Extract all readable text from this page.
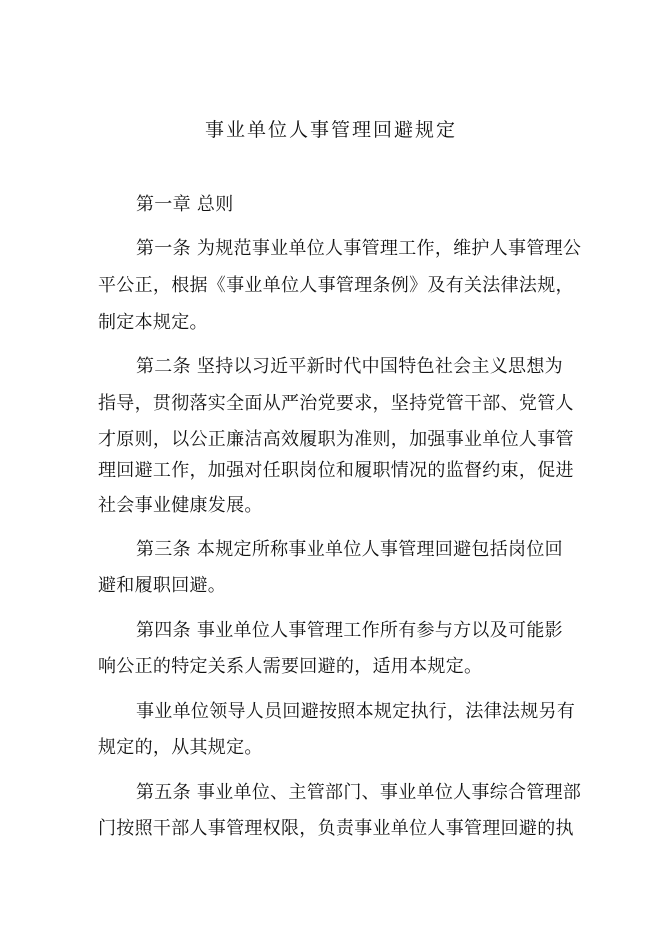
事业单位人事管理回避规定
第一章 总则
第一条 为规范事业单位人事管理工作，维护人事管理公
平公正，根据《事业单位人事管理条例》及有关法律法规，
制定本规定。
第二条 坚持以习近平新时代中国特色社会主义思想为
指导，贯彻落实全面从严治党要求，坚持党管干部、党管人
才原则，以公正廉洁高效履职为准则，加强事业单位人事管
理回避工作，加强对任职岗位和履职情况的监督约束，促进
社会事业健康发展。
第三条 本规定所称事业单位人事管理回避包括岗位回
避和履职回避。
第四条 事业单位人事管理工作所有参与方以及可能影
响公正的特定关系人需要回避的，适用本规定。
事业单位领导人员回避按照本规定执行，法律法规另有
规定的，从其规定。
第五条 事业单位、主管部门、事业单位人事综合管理部
门按照干部人事管理权限，负责事业单位人事管理回避的执
